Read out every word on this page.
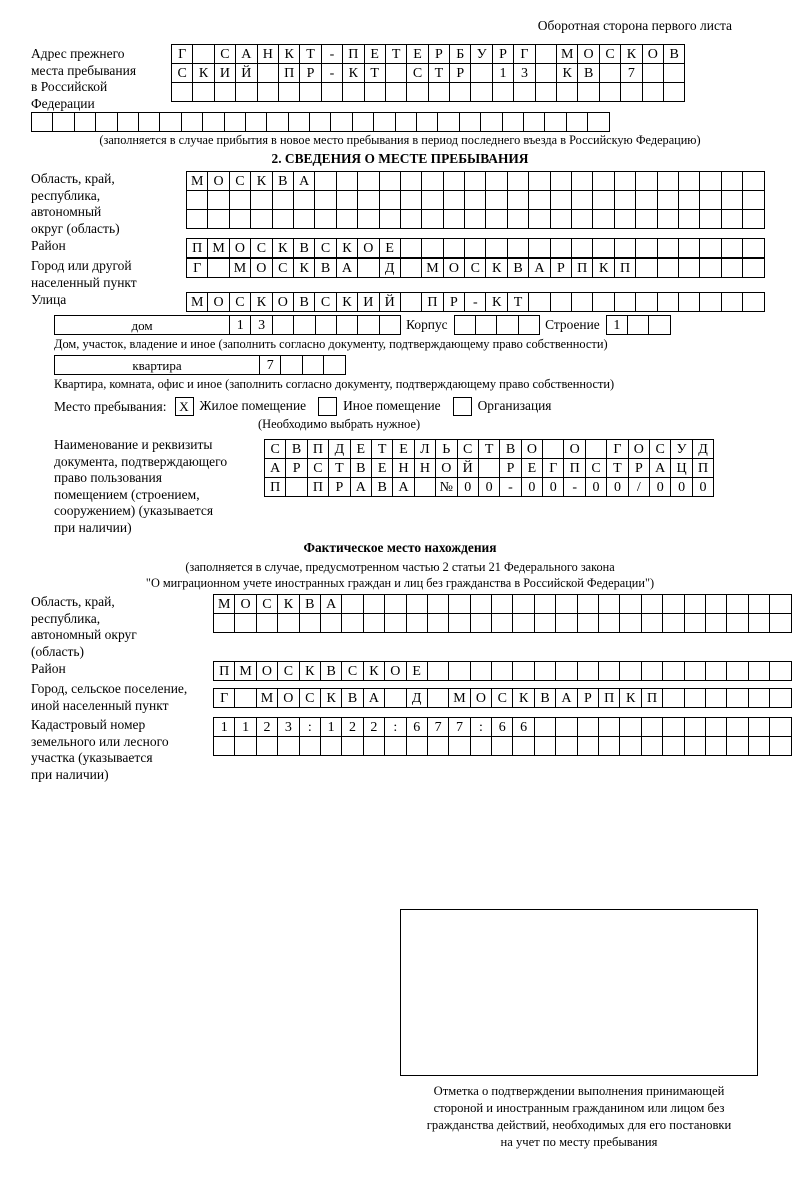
Оборотная сторона первого листа
Адрес прежнего
места пребывания
в Российской
Федерации
Г	С А Н К Т	- П Е Т Е Р Б У Р Г	М О С К О В
С К И Й	П Р	-	К Т	С Т Р	1	3	К В	7
(заполняется в случае прибытия в новое место пребывания в период последнего въезда в Российскую Федерацию)
2. СВЕДЕНИЯ О МЕСТЕ ПРЕБЫВАНИЯ
Область, край,
республика,
автономный
округ (область)
М О С К В А
Район	П М О С К В С К О Е
Город или другой
населенный пункт
Г	М О С К В А	Д	М О С К В А Р П К П
Улица	М О С К О В С К И Й	П Р	-	К Т
дом	1	3	Корпус	Строение 1
Дом, участок, владение и иное (заполнить согласно документу, подтверждающему право собственности)
квартира	7
Квартира, комната, офис и иное (заполнить согласно документу, подтверждающему право собственности)
Место пребывания: X Жилое помещение	Иное помещение	Организация
(Необходимо выбрать нужное)
Наименование и реквизиты
документа, подтверждающего
право пользования
помещением (строением,
сооружением) (указывается
при наличии)
С В П Д Е Т Е Л Ь С Т В О	О	Г О С У Д
А Р С Т В Е Н Н О Й	Р Е Г П С Т Р А Ц П
П	П Р А В А	№ 0	0	-	0	0	-	0	0	/	0	0	0
Фактическое место нахождения
(заполняется в случае, предусмотренном частью 2 статьи 21 Федерального закона
"О миграционном учете иностранных граждан и лиц без гражданства в Российской Федерации")
Область, край,
республика,
автономный округ
(область)
М О С К В А
Район	П М О С К В С К О Е
Город, сельское поселение,
иной населенный пункт	Г	М О С К В А	Д	М О С К В А Р П К П
Кадастровый номер
земельного или лесного
участка (указывается
при наличии)
1	1	2	3	:	1	2	2	:	6	7	7	:	6	6
Отметка о подтверждении выполнения принимающей
стороной и иностранным гражданином или лицом без
гражданства действий, необходимых для его постановки
на учет по месту пребывания
